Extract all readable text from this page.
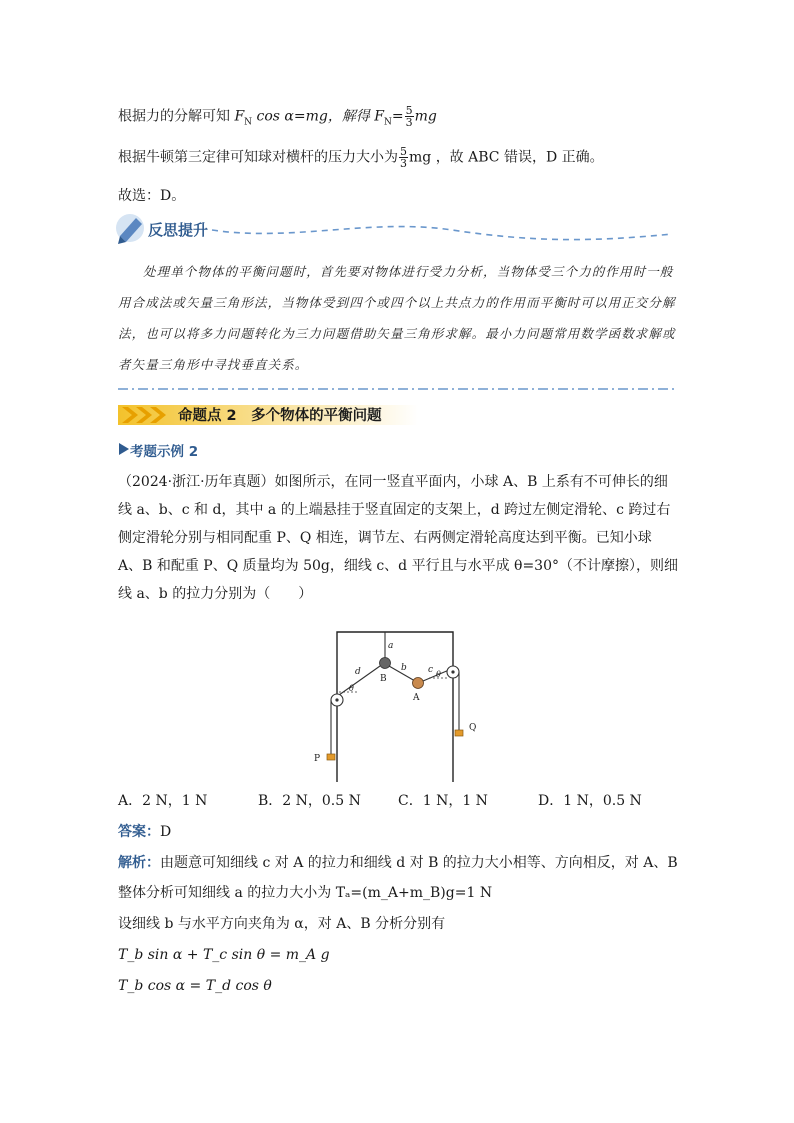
根据力的分解可知 $F_N$ cos α=mg，解得 $F_N= \frac{5}{3}$ mg
根据牛顿第三定律可知球对横杆的压力大小为 $\frac{5}{3}$ mg ，故 ABC 错误，D 正确。
故选：D。
反思提升
处理单个物体的平衡问题时，首先要对物体进行受力分析，当物体受三个力的作用时一般用合成法或矢量三角形法，当物体受到四个或四个以上共点力的作用而平衡时可以用正交分解法，也可以将多力问题转化为三力问题借助矢量三角形求解。最小力问题常用数学函数求解或者矢量三角形中寻找垂直关系。
命题点 2　多个物体的平衡问题
考题示例 2
（2024·浙江·历年真题）如图所示，在同一竖直平面内，小球 A、B 上系有不可伸长的细线 a、b、c 和 d，其中 a 的上端悬挂于竖直固定的支架上，d 跨过左侧定滑轮、c 跨过右侧定滑轮分别与相同配重 P、Q 相连，调节左、右两侧定滑轮高度达到平衡。已知小球 A、B 和配重 P、Q 质量均为 50g，细线 c、d 平行且与水平成 θ=30°（不计摩擦），则细线 a、b 的拉力分别为（　　）
a
d	b c
B
A
θ
θ
P
Q
A．2 N，1 N	B．2 N，0.5 N	C．1 N，1 N	D．1 N，0.5 N
答案：D
解析：由题意可知细线 c 对 A 的拉力和细线 d 对 B 的拉力大小相等、方向相反，对 A、B
整体分析可知细线 a 的拉力大小为 Tₐ=(m_A+m_B)g=1 N
设细线 b 与水平方向夹角为 α，对 A、B 分析分别有
T_b sin α + T_c sin θ = m_A g
T_b cos α = T_d cos θ
